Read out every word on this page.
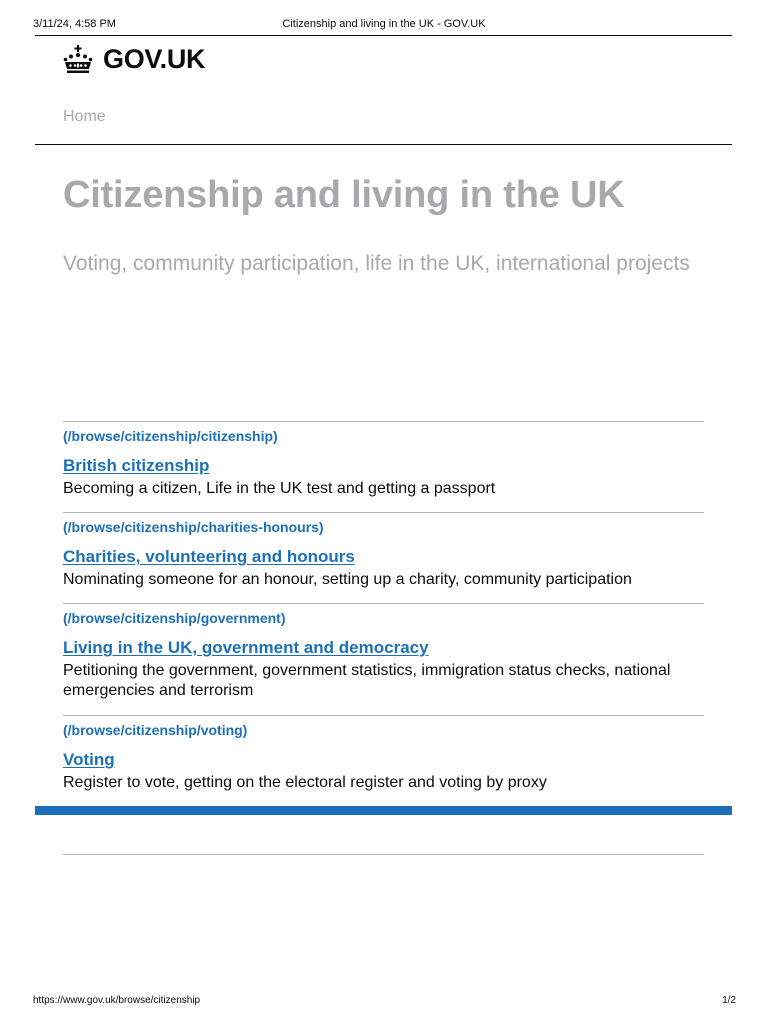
3/11/24, 4:58 PM	Citizenship and living in the UK - GOV.UK
GOV.UK
Home
Citizenship and living in the UK

Voting, community participation, life in the UK, international projects

(/browse/citizenship/citizenship)
British citizenship

Becoming a citizen, Life in the UK test and getting a passport

(/browse/citizenship/charities-honours)
Charities, volunteering and honours

Nominating someone for an honour, setting up a charity, community participation

(/browse/citizenship/government)
Living in the UK, government and democracy

Petitioning the government, government statistics, immigration status checks, national emergencies and terrorism

(/browse/citizenship/voting)
Voting

Register to vote, getting on the electoral register and voting by proxy

https://www.gov.uk/browse/citizenship	1/2
